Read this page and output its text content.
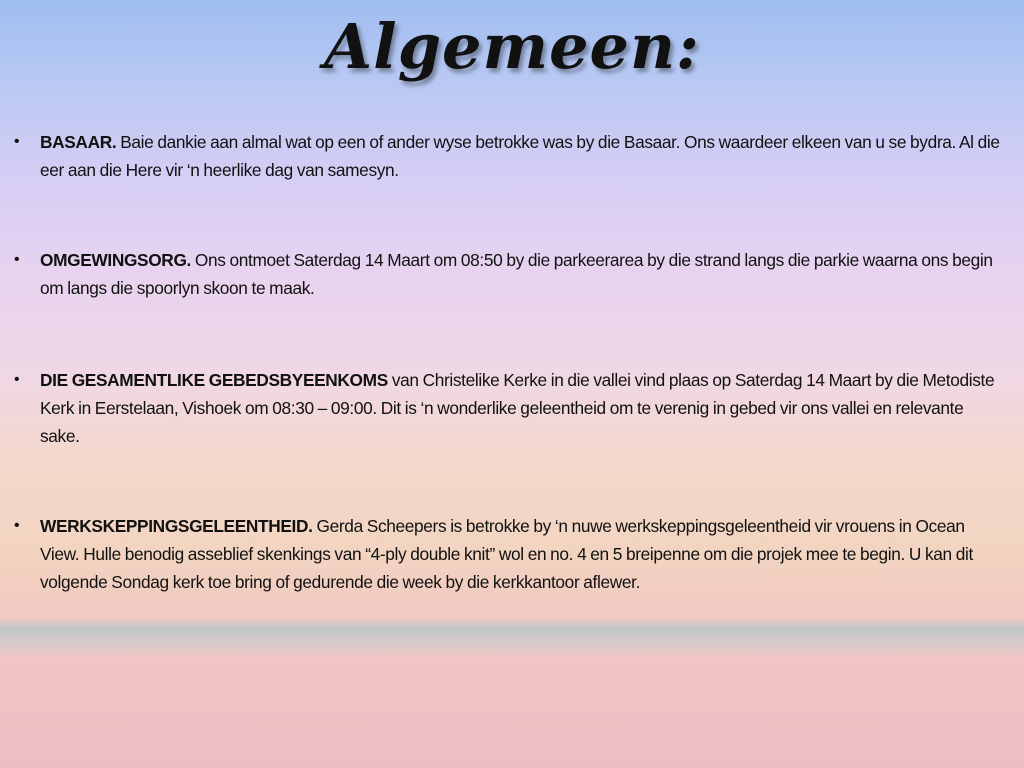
Algemeen:
• BASAAR. Baie dankie aan almal wat op een of ander wyse betrokke was by die Basaar. Ons waardeer elkeen van u se bydra. Al die eer aan die Here vir ‘n heerlike dag van samesyn.
• OMGEWINGSORG. Ons ontmoet Saterdag 14 Maart om 08:50 by die parkeerarea by die strand langs die parkie waarna ons begin om langs die spoorlyn skoon te maak.
• DIE GESAMENTLIKE GEBEDSBYEENKOMS van Christelike Kerke in die vallei vind plaas op Saterdag 14 Maart by die Metodiste Kerk in Eerstelaan, Vishoek om 08:30 – 09:00. Dit is ‘n wonderlike geleentheid om te verenig in gebed vir ons vallei en relevante sake.
• WERKSKEPPINGSGELEENTHEID. Gerda Scheepers is betrokke by ‘n nuwe werkskeppingsgeleentheid vir vrouens in Ocean View. Hulle benodig asseblief skenkings van “4-ply double knit” wol en no. 4 en 5 breipenne om die projek mee te begin. U kan dit volgende Sondag kerk toe bring of gedurende die week by die kerkkantoor aflewer.
